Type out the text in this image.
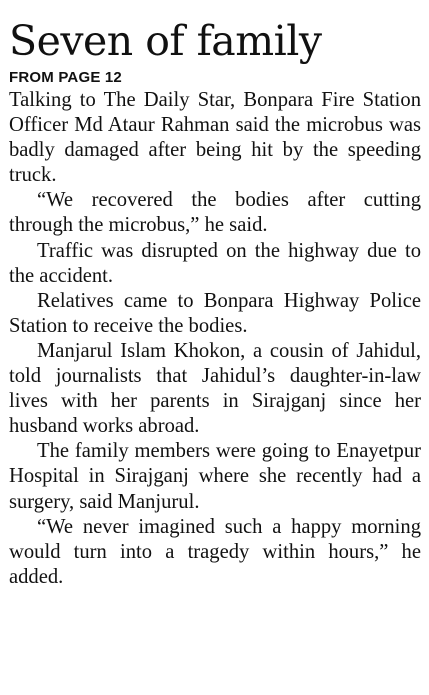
Seven of family
FROM PAGE 12

Talking to The Daily Star, Bonpara Fire Station Officer Md Ataur Rahman said the microbus was badly damaged after being hit by the speeding truck.

“We recovered the bodies after cutting through the microbus,” he said.

Traffic was disrupted on the highway due to the accident.

Relatives came to Bonpara Highway Police Station to receive the bodies.

Manjarul Islam Khokon, a cousin of Jahidul, told journalists that Jahidul’s daughter-in-law lives with her parents in Sirajganj since her husband works abroad.

The family members were going to Enayetpur Hospital in Sirajganj where she recently had a surgery, said Manjurul.

“We never imagined such a happy morning would turn into a tragedy within hours,” he added.
